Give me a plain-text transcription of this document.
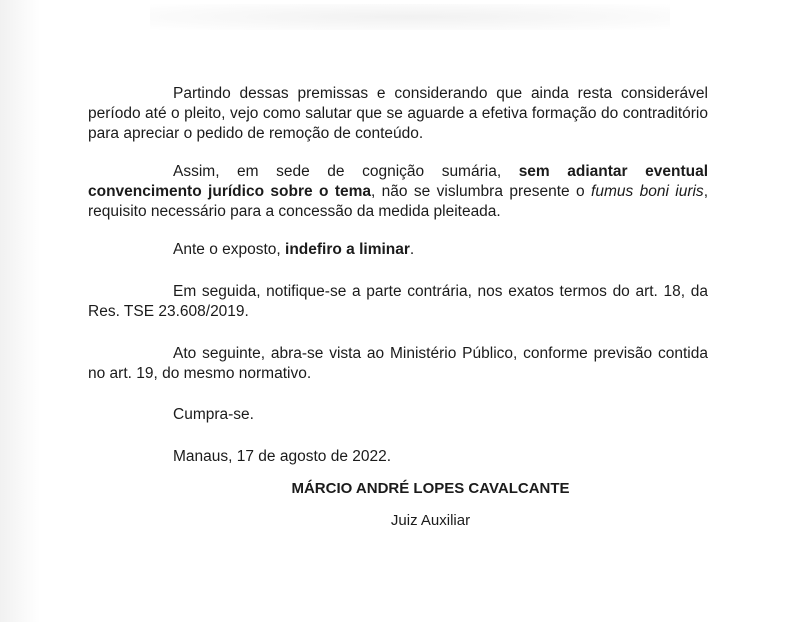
Partindo dessas premissas e considerando que ainda resta considerável período até o pleito, vejo como salutar que se aguarde a efetiva formação do contraditório para apreciar o pedido de remoção de conteúdo.

Assim, em sede de cognição sumária, sem adiantar eventual convencimento jurídico sobre o tema, não se vislumbra presente o fumus boni iuris, requisito necessário para a concessão da medida pleiteada.

Ante o exposto, indefiro a liminar.

Em seguida, notifique-se a parte contrária, nos exatos termos do art. 18, da Res. TSE 23.608/2019.

Ato seguinte, abra-se vista ao Ministério Público, conforme previsão contida no art. 19, do mesmo normativo.

Cumpra-se.

Manaus, 17 de agosto de 2022.

MÁRCIO ANDRÉ LOPES CAVALCANTE
Juiz Auxiliar
